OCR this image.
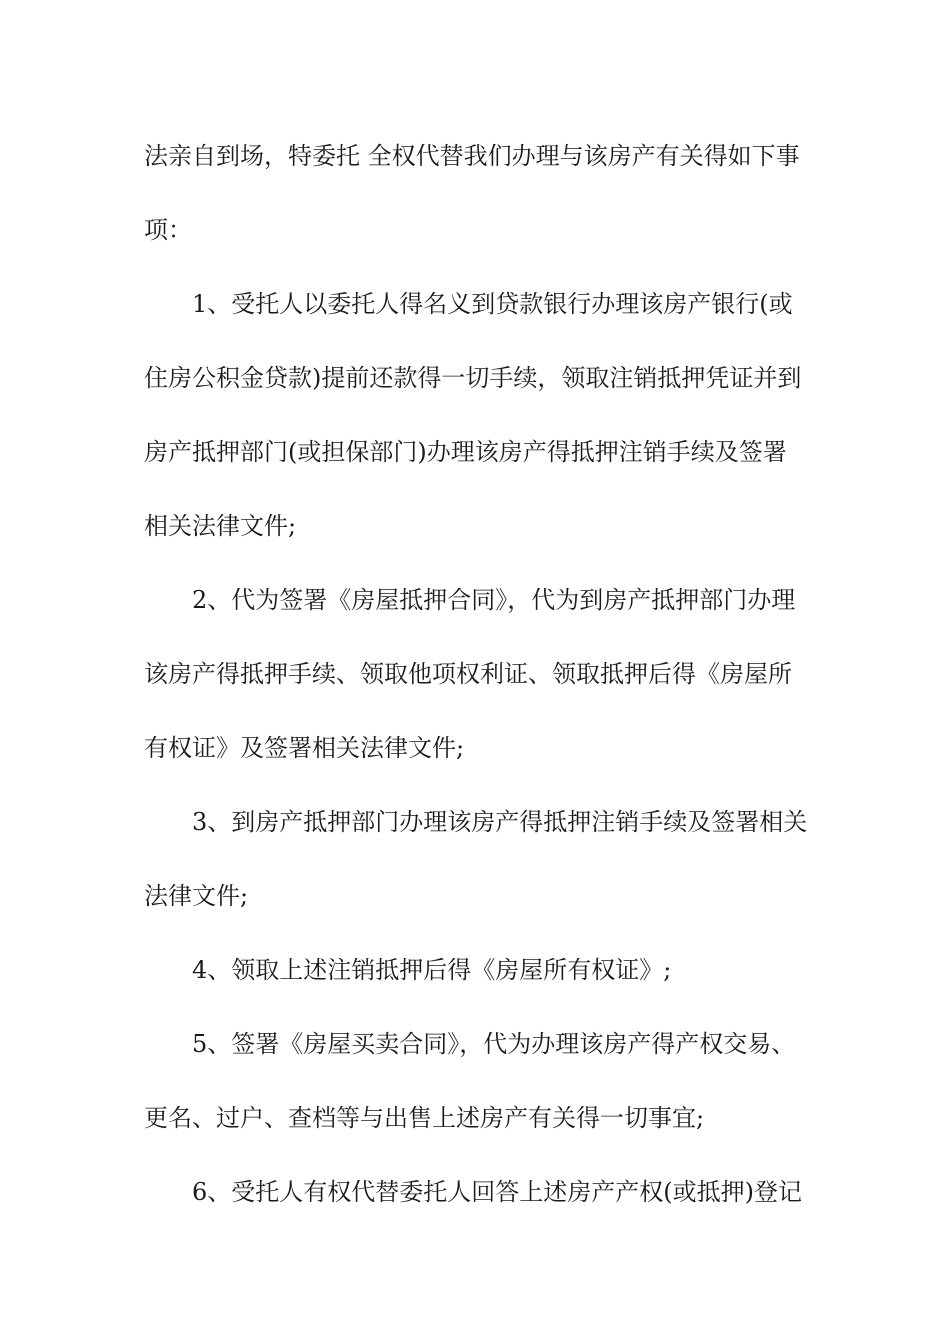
法亲自到场，特委托 全权代替我们办理与该房产有关得如下事
项：
1、受托人以委托人得名义到贷款银行办理该房产银行(或
住房公积金贷款)提前还款得一切手续，领取注销抵押凭证并到
房产抵押部门(或担保部门)办理该房产得抵押注销手续及签署
相关法律文件;
2、代为签署《房屋抵押合同》，代为到房产抵押部门办理
该房产得抵押手续、领取他项权利证、领取抵押后得《房屋所
有权证》及签署相关法律文件;
3、到房产抵押部门办理该房产得抵押注销手续及签署相关
法律文件;
4、领取上述注销抵押后得《房屋所有权证》;
5、签署《房屋买卖合同》，代为办理该房产得产权交易、
更名、过户、查档等与出售上述房产有关得一切事宜;
6、受托人有权代替委托人回答上述房产产权(或抵押)登记
